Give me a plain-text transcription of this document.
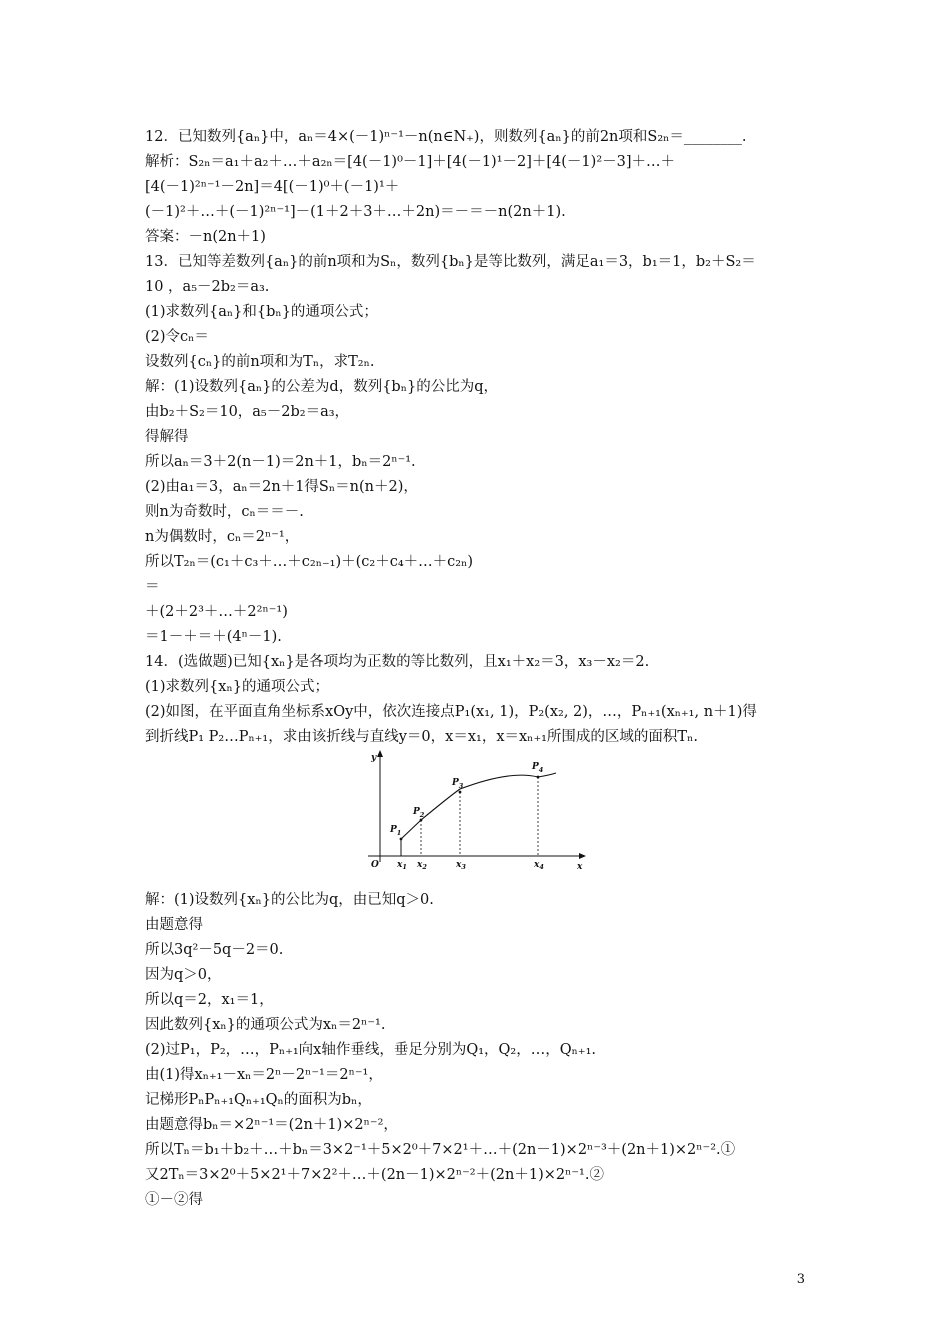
12．已知数列{aₙ}中，aₙ＝4×(－1)ⁿ⁻¹－n(n∈N₊)，则数列{aₙ}的前2n项和S₂ₙ＝________.
解析：S₂ₙ＝a₁＋a₂＋…＋a₂ₙ＝[4(－1)⁰－1]＋[4(－1)¹－2]＋[4(－1)²－3]＋…＋
[4(－1)²ⁿ⁻¹－2n]＝4[(－1)⁰＋(－1)¹＋
(－1)²＋…＋(－1)²ⁿ⁻¹]－(1＋2＋3＋…＋2n)＝－＝－n(2n＋1).
答案：－n(2n＋1)
13．已知等差数列{aₙ}的前n项和为Sₙ，数列{bₙ}是等比数列，满足a₁＝3，b₁＝1，b₂＋S₂＝
10 ，a₅－2b₂＝a₃.
(1)求数列{aₙ}和{bₙ}的通项公式；
(2)令cₙ＝
设数列{cₙ}的前n项和为Tₙ，求T₂ₙ.
解：(1)设数列{aₙ}的公差为d，数列{bₙ}的公比为q，
由b₂＋S₂＝10，a₅－2b₂＝a₃，
得解得
所以aₙ＝3＋2(n－1)＝2n＋1，bₙ＝2ⁿ⁻¹.
(2)由a₁＝3，aₙ＝2n＋1得Sₙ＝n(n＋2)，
则n为奇数时，cₙ＝＝－.
n为偶数时，cₙ＝2ⁿ⁻¹，
所以T₂ₙ＝(c₁＋c₃＋…＋c₂ₙ₋₁)＋(c₂＋c₄＋…＋c₂ₙ)
＝
＋(2＋2³＋…＋2²ⁿ⁻¹)
＝1－＋＝＋(4ⁿ－1).
14．(选做题)已知{xₙ}是各项均为正数的等比数列，且x₁＋x₂＝3，x₃－x₂＝2.
(1)求数列{xₙ}的通项公式；
(2)如图，在平面直角坐标系xOy中，依次连接点P₁(x₁, 1)，P₂(x₂, 2)，…，Pₙ₊₁(xₙ₊₁, n＋1)得
到折线P₁ P₂…Pₙ₊₁，求由该折线与直线y＝0，x＝x₁，x＝xₙ₊₁所围成的区域的面积Tₙ.
y
x
O
$P_1$
$P_2$
$P_3$
$P_4$
$x_1$ $x_2$	$x_3$	$x_4$
解：(1)设数列{xₙ}的公比为q，由已知q＞0.
由题意得
所以3q²－5q－2＝0.
因为q＞0，
所以q＝2，x₁＝1，
因此数列{xₙ}的通项公式为xₙ＝2ⁿ⁻¹.
(2)过P₁，P₂，…，Pₙ₊₁向x轴作垂线，垂足分别为Q₁，Q₂，…，Qₙ₊₁.
由(1)得xₙ₊₁－xₙ＝2ⁿ－2ⁿ⁻¹＝2ⁿ⁻¹，
记梯形PₙPₙ₊₁Qₙ₊₁Qₙ的面积为bₙ，
由题意得bₙ＝×2ⁿ⁻¹＝(2n＋1)×2ⁿ⁻²，
所以Tₙ＝b₁＋b₂＋…＋bₙ＝3×2⁻¹＋5×2⁰＋7×2¹＋…＋(2n－1)×2ⁿ⁻³＋(2n＋1)×2ⁿ⁻².①
又2Tₙ＝3×2⁰＋5×2¹＋7×2²＋…＋(2n－1)×2ⁿ⁻²＋(2n＋1)×2ⁿ⁻¹.②
①－②得
3
